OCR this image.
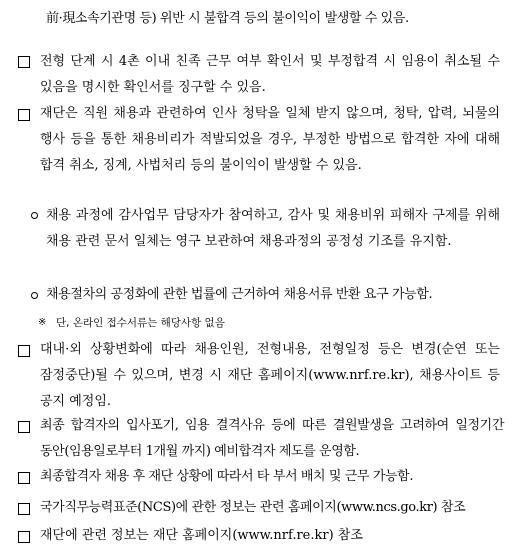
前·現소속기관명 등) 위반 시 불합격 등의 불이익이 발생할 수 있음.
전형 단계 시 4촌 이내 친족 근무 여부 확인서 및 부정합격 시 임용이 취소될 수 있음을 명시한 확인서를 징구할 수 있음.
재단은 직원 채용과 관련하여 인사 청탁을 일체 받지 않으며, 청탁, 압력, 뇌물의 행사 등을 통한 채용비리가 적발되었을 경우, 부정한 방법으로 합격한 자에 대해 합격 취소, 징계, 사법처리 등의 불이익이 발생할 수 있음.
채용 과정에 감사업무 담당자가 참여하고, 감사 및 채용비위 피해자 구제를 위해 채용 관련 문서 일체는 영구 보관하여 채용과정의 공정성 기조를 유지함.
채용절차의 공정화에 관한 법률에 근거하여 채용서류 반환 요구 가능함.
※ 단, 온라인 접수서류는 해당사항 없음
대내·외 상황변화에 따라 채용인원, 전형내용, 전형일정 등은 변경(순연 또는 잠정중단)될 수 있으며, 변경 시 재단 홈페이지(www.nrf.re.kr), 채용사이트 등 공지 예정임.
최종 합격자의 입사포기, 임용 결격사유 등에 따른 결원발생을 고려하여 일정기간 동안(임용일로부터 1개월 까지) 예비합격자 제도를 운영함.
최종합격자 채용 후 재단 상황에 따라서 타 부서 배치 및 근무 가능함.
국가직무능력표준(NCS)에 관한 정보는 관련 홈페이지(www.ncs.go.kr) 참조
재단에 관련 정보는 재단 홈페이지(www.nrf.re.kr) 참조
